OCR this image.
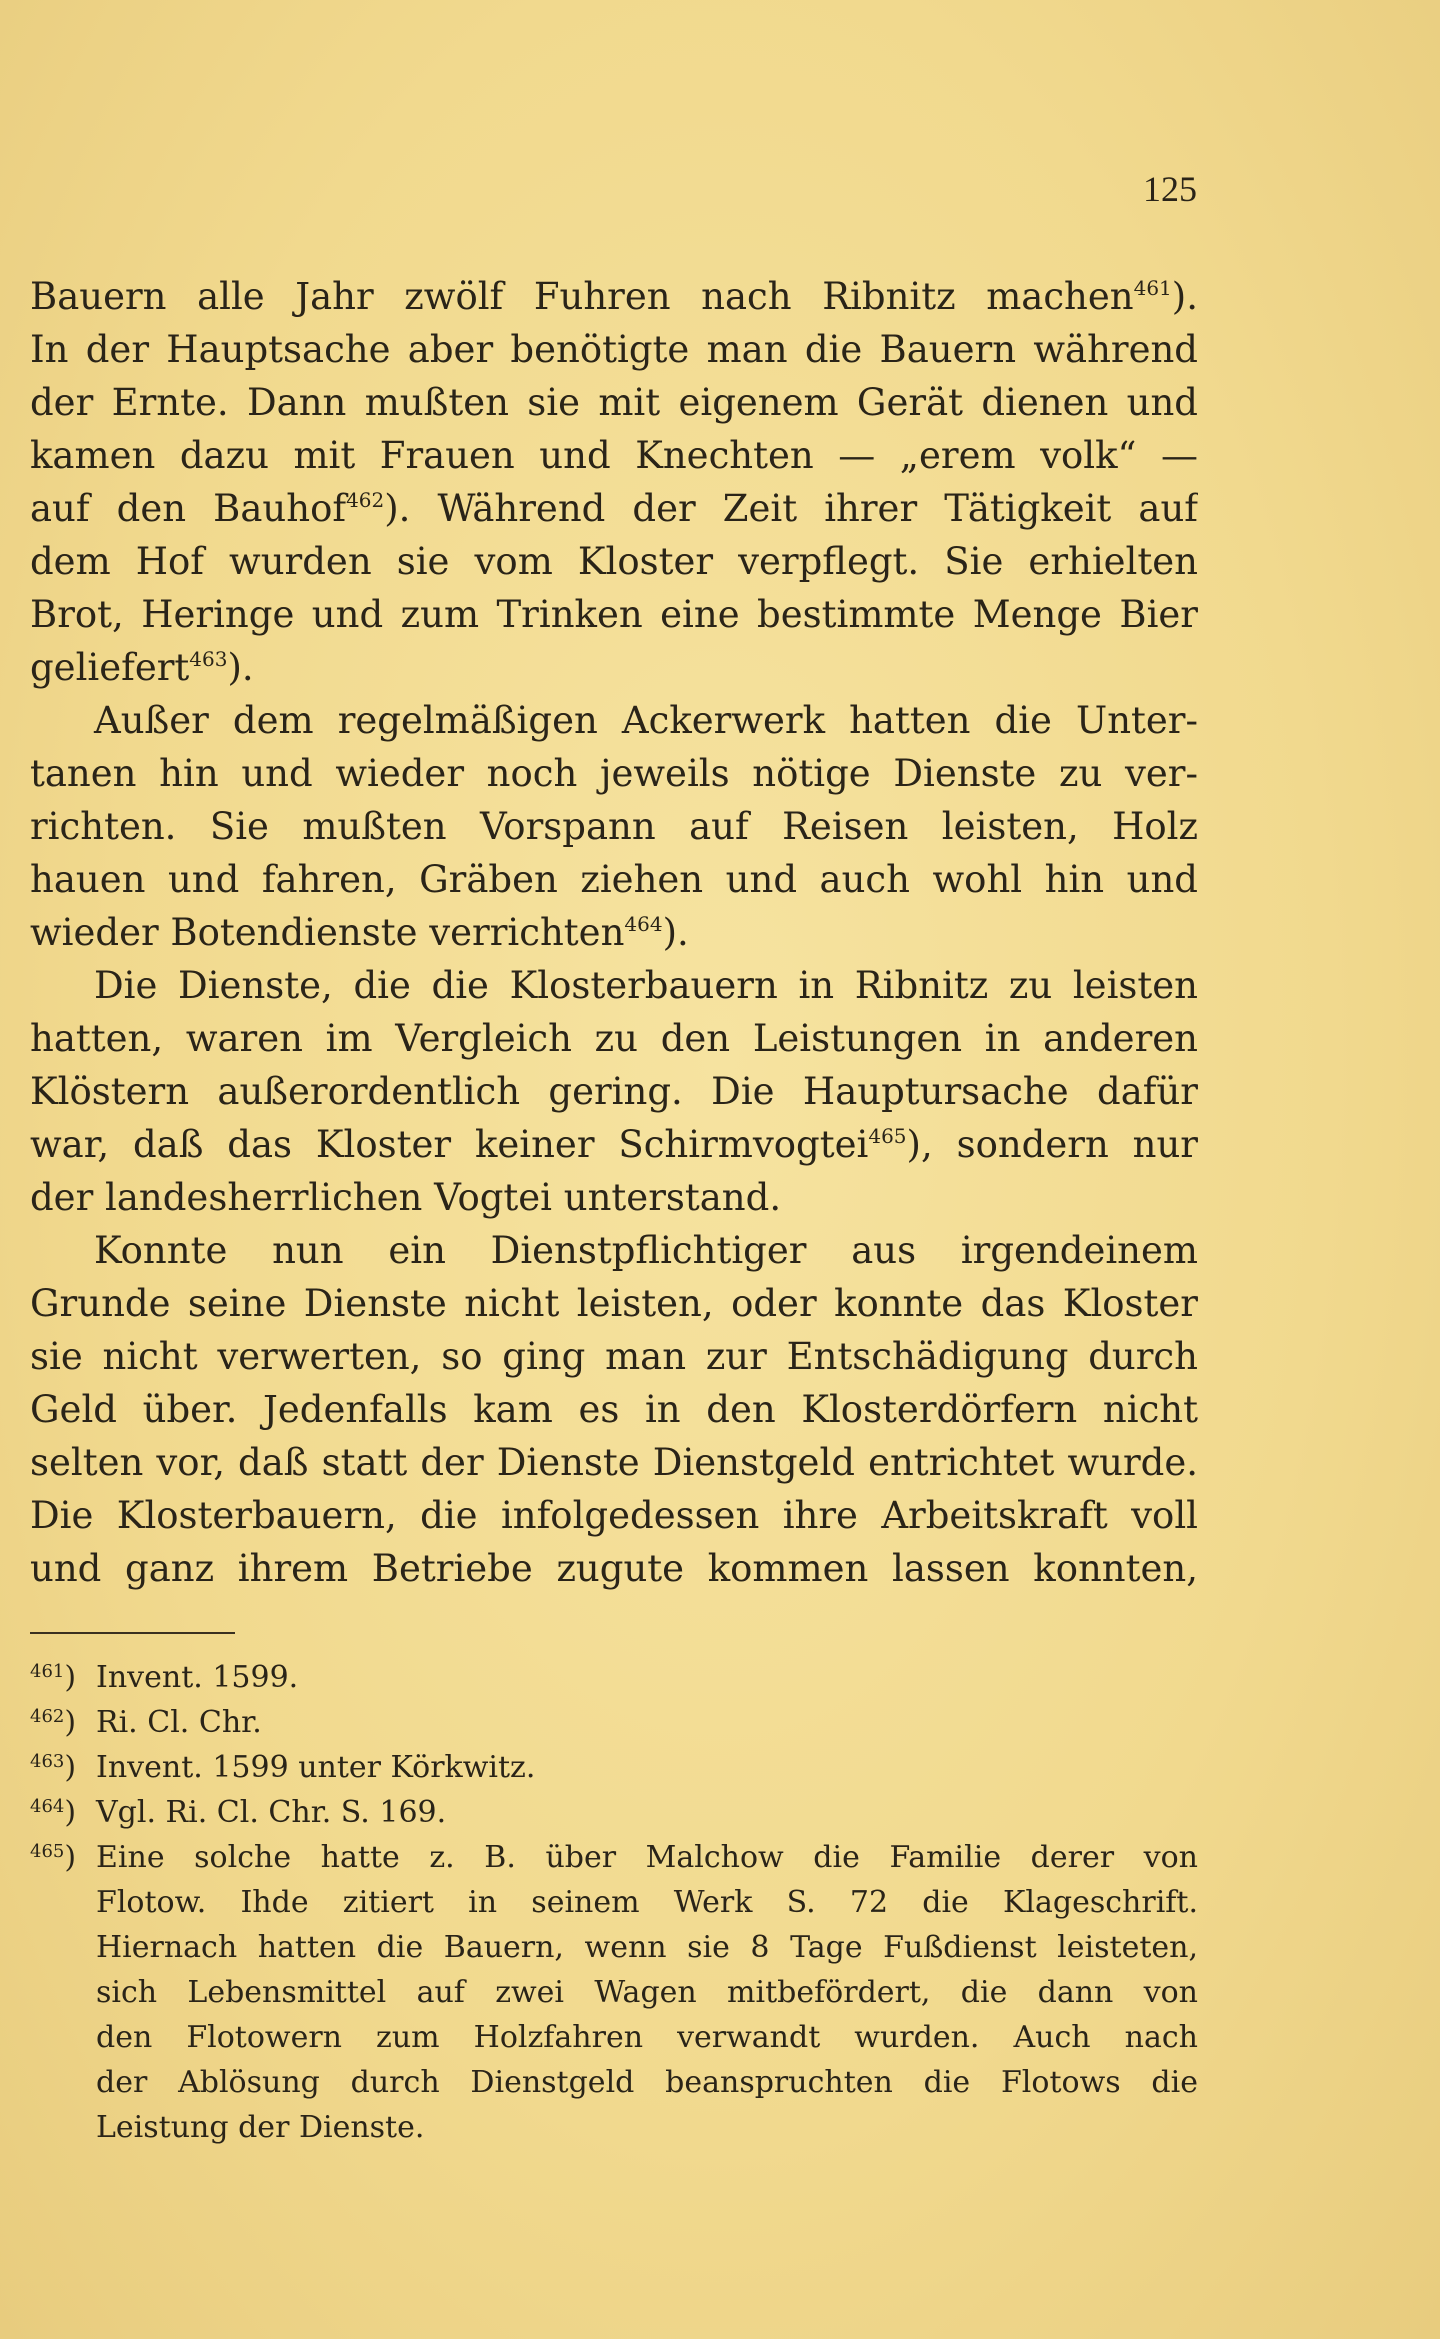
125
Bauern alle Jahr zwölf Fuhren nach Ribnitz machen$^{461}$).
In der Hauptsache aber benötigte man die Bauern während
der Ernte. Dann mußten sie mit eigenem Gerät dienen und
kamen dazu mit Frauen und Knechten — „erem volk“ —
auf den Bauhof$^{462}$). Während der Zeit ihrer Tätigkeit auf
dem Hof wurden sie vom Kloster verpflegt. Sie erhielten
Brot, Heringe und zum Trinken eine bestimmte Menge Bier
geliefert$^{463}$).
Außer dem regelmäßigen Ackerwerk hatten die Unter-
tanen hin und wieder noch jeweils nötige Dienste zu ver-
richten. Sie mußten Vorspann auf Reisen leisten, Holz
hauen und fahren, Gräben ziehen und auch wohl hin und
wieder Botendienste verrichten$^{464}$).
Die Dienste, die die Klosterbauern in Ribnitz zu leisten
hatten, waren im Vergleich zu den Leistungen in anderen
Klöstern außerordentlich gering. Die Hauptursache dafür
war, daß das Kloster keiner Schirmvogtei$^{465}$), sondern nur
der landesherrlichen Vogtei unterstand.
Konnte nun ein Dienstpflichtiger aus irgendeinem
Grunde seine Dienste nicht leisten, oder konnte das Kloster
sie nicht verwerten, so ging man zur Entschädigung durch
Geld über. Jedenfalls kam es in den Klosterdörfern nicht
selten vor, daß statt der Dienste Dienstgeld entrichtet wurde.
Die Klosterbauern, die infolgedessen ihre Arbeitskraft voll
und ganz ihrem Betriebe zugute kommen lassen konnten,
$^{461}$) Invent. 1599.
$^{462}$) Ri. Cl. Chr.
$^{463}$) Invent. 1599 unter Körkwitz.
$^{464}$) Vgl. Ri. Cl. Chr. S. 169.
$^{465}$) Eine solche hatte z. B. über Malchow die Familie derer von
Flotow. Ihde zitiert in seinem Werk S. 72 die Klageschrift.
Hiernach hatten die Bauern, wenn sie 8 Tage Fußdienst leisteten,
sich Lebensmittel auf zwei Wagen mitbefördert, die dann von
den Flotowern zum Holzfahren verwandt wurden. Auch nach
der Ablösung durch Dienstgeld beanspruchten die Flotows die
Leistung der Dienste.
